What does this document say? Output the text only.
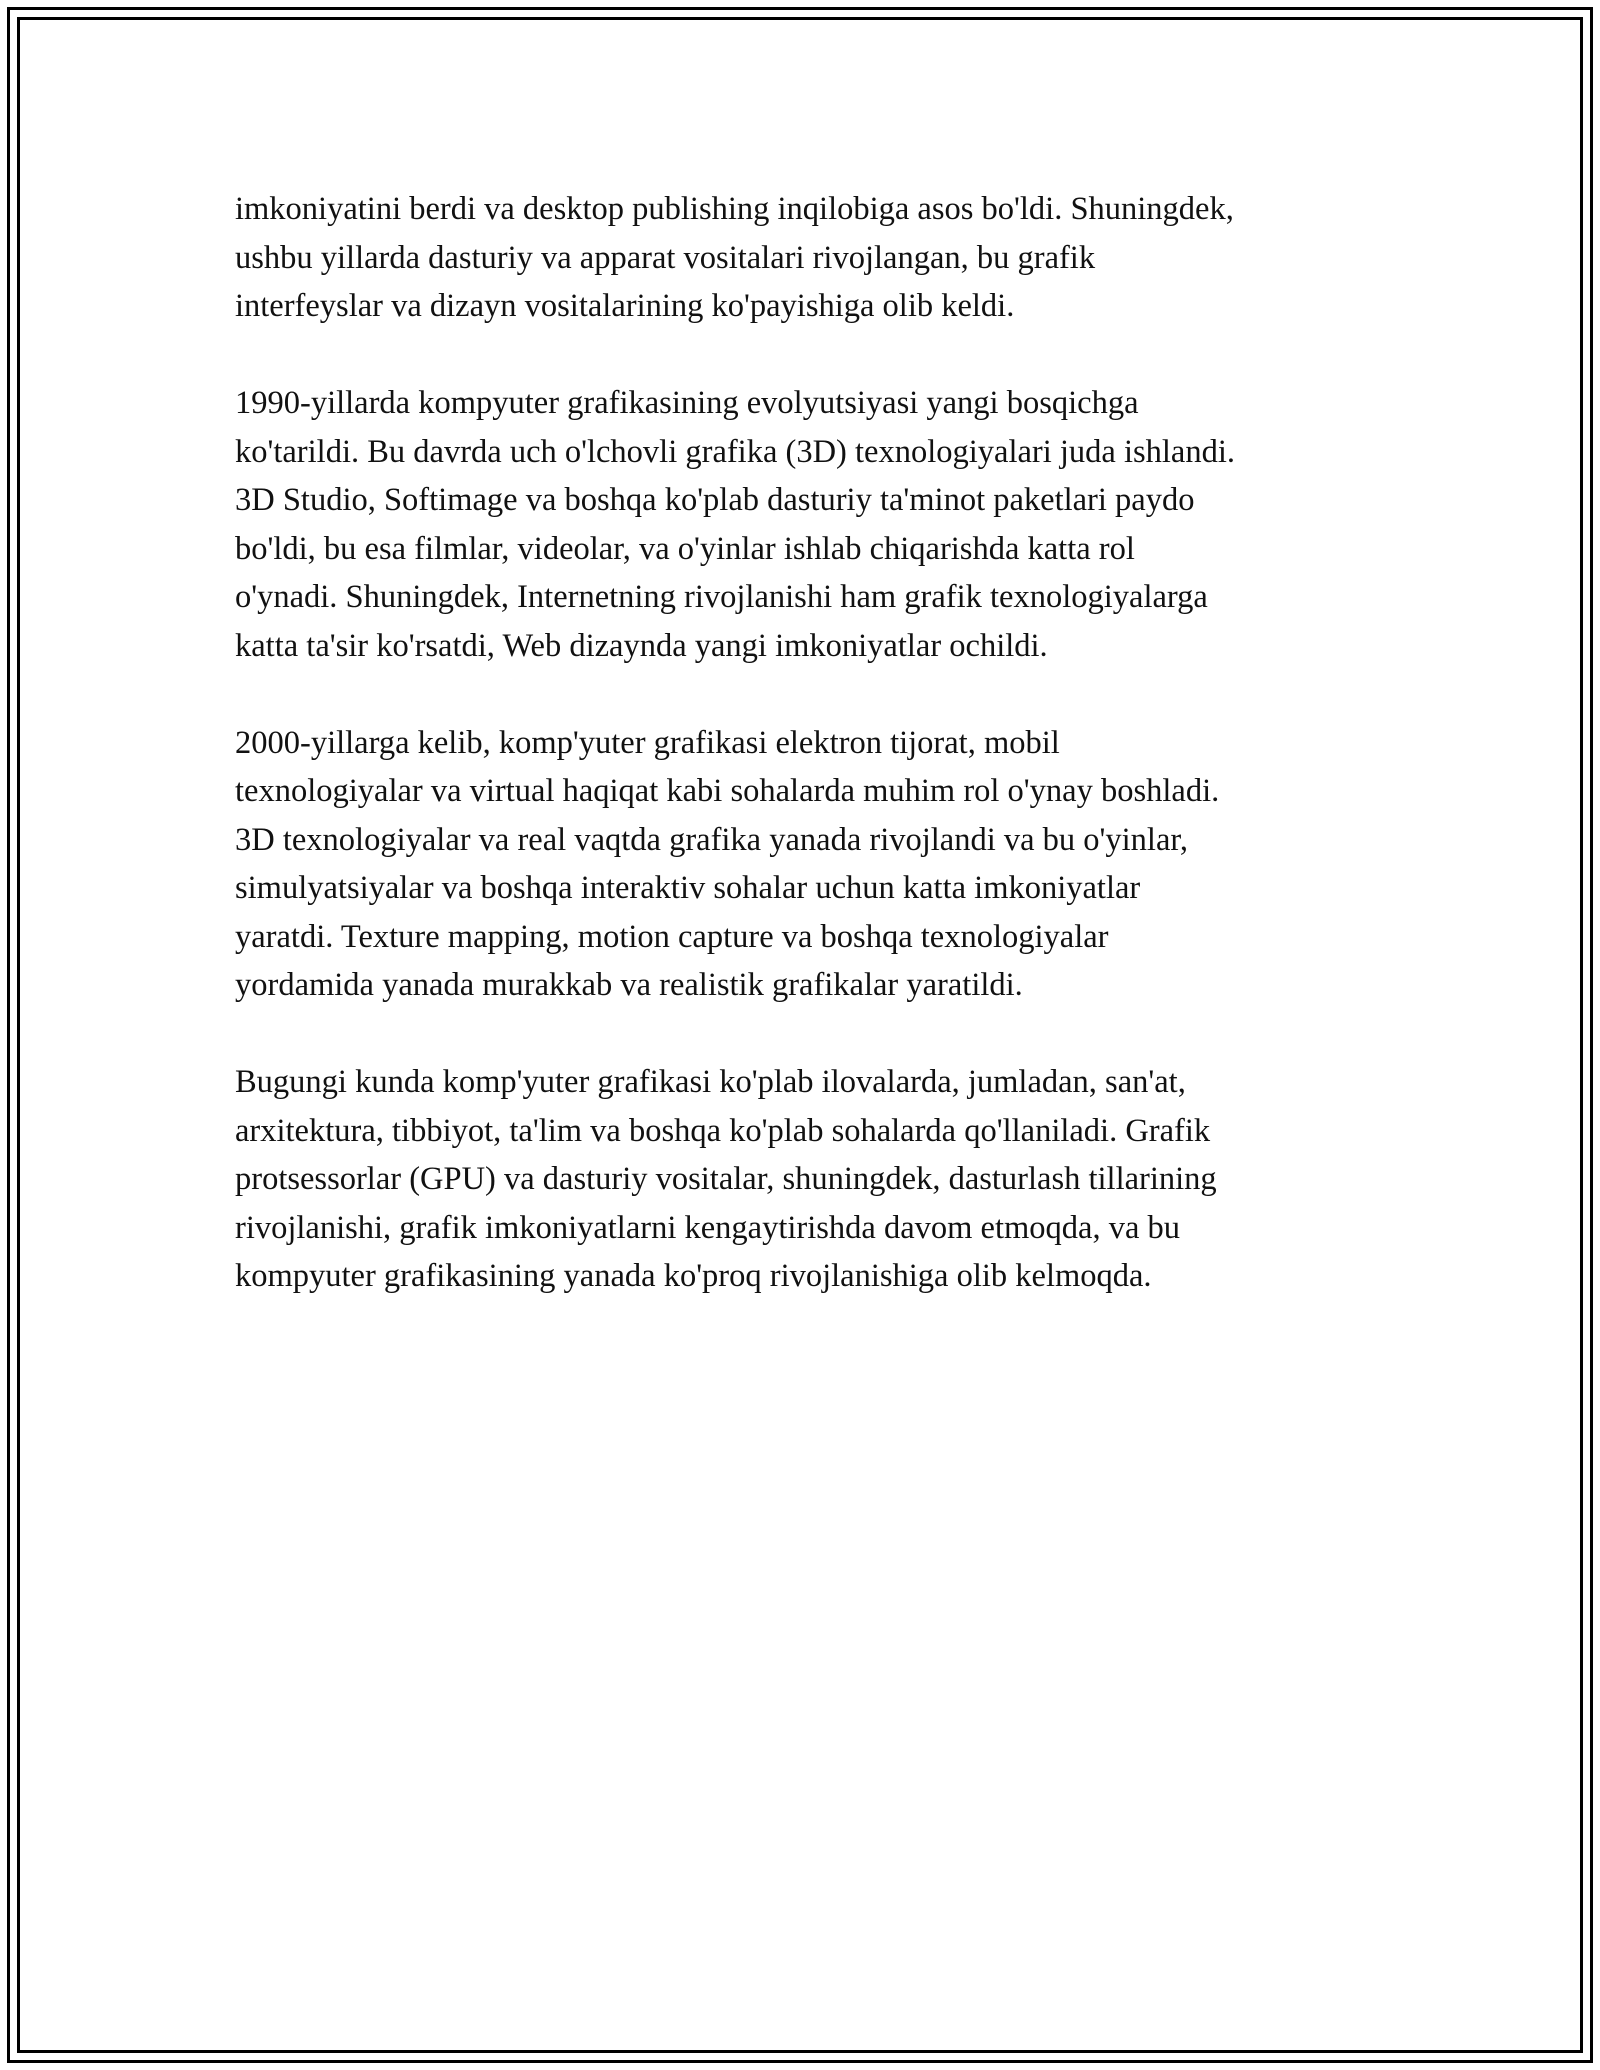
imkoniyatini berdi va desktop publishing inqilobiga asos bo'ldi. Shuningdek,
ushbu yillarda dasturiy va apparat vositalari rivojlangan, bu grafik
interfeyslar va dizayn vositalarining ko'payishiga olib keldi.

1990-yillarda kompyuter grafikasining evolyutsiyasi yangi bosqichga
ko'tarildi. Bu davrda uch o'lchovli grafika (3D) texnologiyalari juda ishlandi.
3D Studio, Softimage va boshqa ko'plab dasturiy ta'minot paketlari paydo
bo'ldi, bu esa filmlar, videolar, va o'yinlar ishlab chiqarishda katta rol
o'ynadi. Shuningdek, Internetning rivojlanishi ham grafik texnologiyalarga
katta ta'sir ko'rsatdi, Web dizaynda yangi imkoniyatlar ochildi.

2000-yillarga kelib, komp'yuter grafikasi elektron tijorat, mobil
texnologiyalar va virtual haqiqat kabi sohalarda muhim rol o'ynay boshladi.
3D texnologiyalar va real vaqtda grafika yanada rivojlandi va bu o'yinlar,
simulyatsiyalar va boshqa interaktiv sohalar uchun katta imkoniyatlar
yaratdi. Texture mapping, motion capture va boshqa texnologiyalar
yordamida yanada murakkab va realistik grafikalar yaratildi.

Bugungi kunda komp'yuter grafikasi ko'plab ilovalarda, jumladan, san'at,
arxitektura, tibbiyot, ta'lim va boshqa ko'plab sohalarda qo'llaniladi. Grafik
protsessorlar (GPU) va dasturiy vositalar, shuningdek, dasturlash tillarining
rivojlanishi, grafik imkoniyatlarni kengaytirishda davom etmoqda, va bu
kompyuter grafikasining yanada ko'proq rivojlanishiga olib kelmoqda.
